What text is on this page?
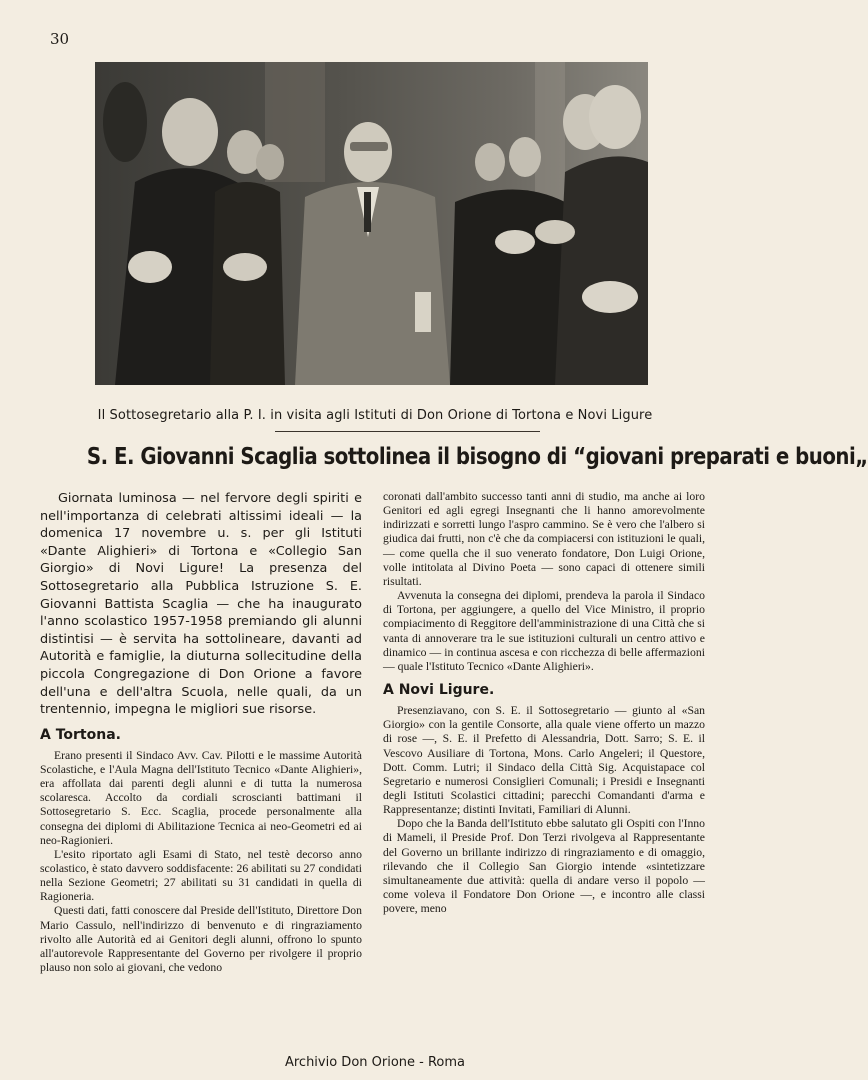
30
Il Sottosegretario alla P. I. in visita agli Istituti di Don Orione di Tortona e Novi Ligure
S. E. Giovanni Scaglia sottolinea il bisogno di “giovani preparati e buoni„

Giornata luminosa — nel fervore degli spiriti e nell'importanza di celebrati altissimi ideali — la domenica 17 novembre u. s. per gli Istituti «Dante Alighieri» di Tortona e «Collegio San Giorgio» di Novi Ligure! La presenza del Sottosegretario alla Pubblica Istruzione S. E. Giovanni Battista Scaglia — che ha inaugurato l'anno scolastico 1957-1958 premiando gli alunni distintisi — è servita ha sottolineare, davanti ad Autorità e famiglie, la diuturna sollecitudine della piccola Congregazione di Don Orione a favore dell'una e dell'altra Scuola, nelle quali, da un trentennio, impegna le migliori sue risorse.

A Tortona.

Erano presenti il Sindaco Avv. Cav. Pilotti e le massime Autorità Scolastiche, e l'Aula Magna dell'Istituto Tecnico «Dante Alighieri», era affollata dai parenti degli alunni e di tutta la numerosa scolaresca. Accolto da cordiali scroscianti battimani il Sottosegretario S. Ecc. Scaglia, procede personalmente alla consegna dei diplomi di Abilitazione Tecnica ai neo-Geometri ed ai neo-Ragionieri.

L'esito riportato agli Esami di Stato, nel testè decorso anno scolastico, è stato davvero soddisfacente: 26 abilitati su 27 condidati nella Sezione Geometri; 27 abilitati su 31 candidati in quella di Ragioneria.

Questi dati, fatti conoscere dal Preside dell'Istituto, Direttore Don Mario Cassulo, nell'indirizzo di benvenuto e di ringraziamento rivolto alle Autorità ed ai Genitori degli alunni, offrono lo spunto all'autorevole Rappresentante del Governo per rivolgere il proprio plauso non solo ai giovani, che vedono

coronati dall'ambito successo tanti anni di studio, ma anche ai loro Genitori ed agli egregi Insegnanti che li hanno amorevolmente indirizzati e sorretti lungo l'aspro cammino. Se è vero che l'albero si giudica dai frutti, non c'è che da compiacersi con istituzioni le quali, — come quella che il suo venerato fondatore, Don Luigi Orione, volle intitolata al Divino Poeta — sono capaci di ottenere simili risultati.

Avvenuta la consegna dei diplomi, prendeva la parola il Sindaco di Tortona, per aggiungere, a quello del Vice Ministro, il proprio compiacimento di Reggitore dell'amministrazione di una Città che si vanta di annoverare tra le sue istituzioni culturali un centro attivo e dinamico — in continua ascesa e con ricchezza di belle affermazioni — quale l'Istituto Tecnico «Dante Alighieri».

A Novi Ligure.

Presenziavano, con S. E. il Sottosegretario — giunto al «San Giorgio» con la gentile Consorte, alla quale viene offerto un mazzo di rose —, S. E. il Prefetto di Alessandria, Dott. Sarro; S. E. il Vescovo Ausiliare di Tortona, Mons. Carlo Angeleri; il Questore, Dott. Comm. Lutri; il Sindaco della Città Sig. Acquistapace col Segretario e numerosi Consiglieri Comunali; i Presidi e Insegnanti degli Istituti Scolastici cittadini; parecchi Comandanti d'arma e Rappresentanze; distinti Invitati, Familiari di Alunni.

Dopo che la Banda dell'Istituto ebbe salutato gli Ospiti con l'Inno di Mameli, il Preside Prof. Don Terzi rivolgeva al Rappresentante del Governo un brillante indirizzo di ringraziamento e di omaggio, rilevando che il Collegio San Giorgio intende «sintetizzare simultaneamente due attività: quella di andare verso il popolo — come voleva il Fondatore Don Orione —, e incontro alle classi povere, meno

Archivio Don Orione - Roma
